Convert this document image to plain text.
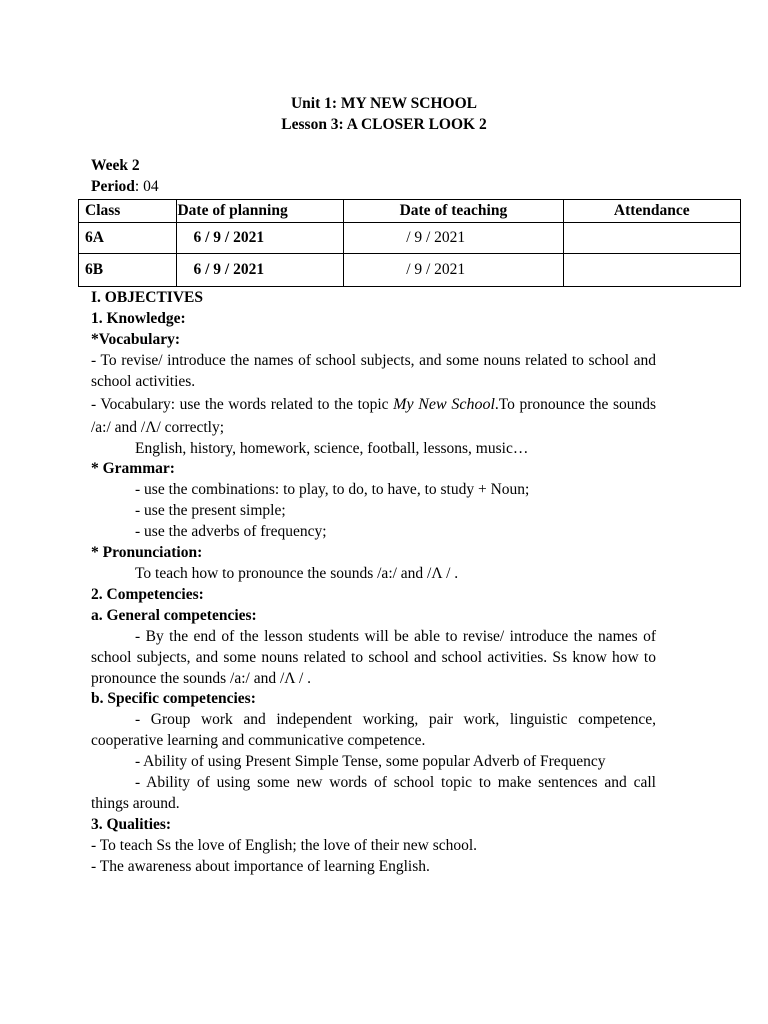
Unit 1: MY NEW SCHOOL
Lesson 3: A CLOSER LOOK 2
Week 2
Period: 04
Class	Date of planning	Date of teaching	Attendance
6A	6 / 9 / 2021	/ 9 / 2021	
6B	6 / 9 / 2021	/ 9 / 2021	

I. OBJECTIVES

1. Knowledge:

*Vocabulary:

- To revise/ introduce the names of school subjects, and some nouns related to school and school activities.

- Vocabulary: use the words related to the topic My New School.To pronounce the sounds /a:/ and /Λ/ correctly;

English, history, homework, science, football, lessons, music…

* Grammar:

- use the combinations: to play, to do, to have, to study + Noun;

- use the present simple;

- use the adverbs of frequency;

* Pronunciation:

To teach how to pronounce the sounds /a:/ and /Λ / .

2. Competencies:

a. General competencies:

- By the end of the lesson students will be able to revise/ introduce the names of school subjects, and some nouns related to school and school activities. Ss know how to pronounce the sounds /a:/ and /Λ / .

b. Specific competencies:

- Group work and independent working, pair work, linguistic competence, cooperative learning and communicative competence.

- Ability of using Present Simple Tense, some popular Adverb of Frequency

- Ability of using some new words of school topic to make sentences and call things around.

3. Qualities:

- To teach Ss the love of English; the love of their new school.

- The awareness about importance of learning English.
